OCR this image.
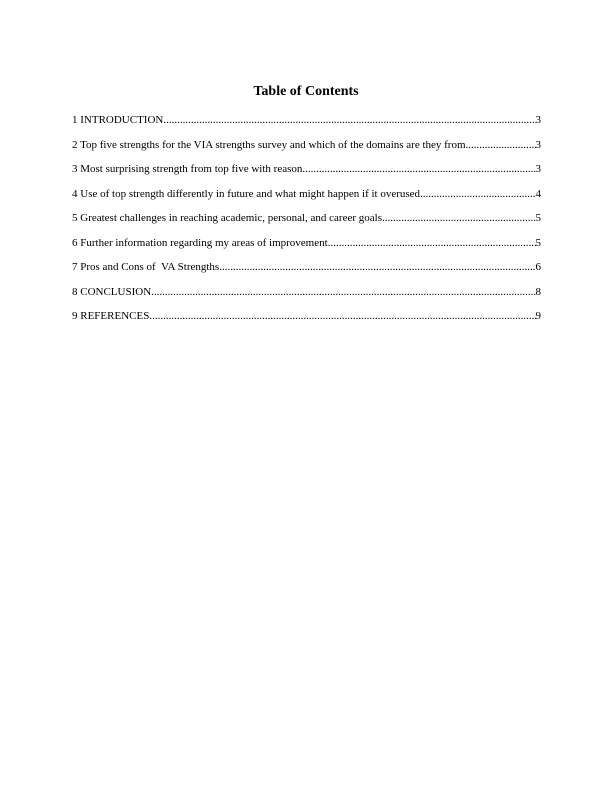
Table of Contents
1 INTRODUCTION .....	3
2 Top five strengths for the VIA strengths survey and which of the domains are they from .....	3
3 Most surprising strength from top five with reason .....	3
4 Use of top strength differently in future and what might happen if it overused .....	4
5 Greatest challenges in reaching academic, personal, and career goals .....	5
6 Further information regarding my areas of improvement .....	5
7 Pros and Cons of  VA Strengths .....	6
8 CONCLUSION .....	8
9 REFERENCES .....	9
